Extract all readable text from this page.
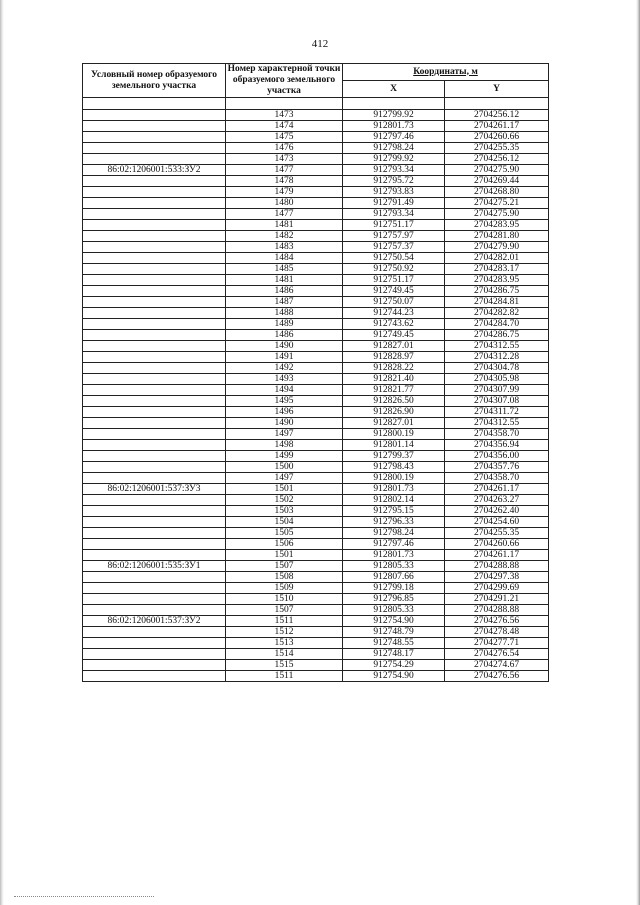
412
Условный номер образуемого земельного участка	Номер характерной точки образуемого земельного участка	Координаты, м	
		X	Y

	1473	912799.92	2704256.12
	1474	912801.73	2704261.17
	1475	912797.46	2704260.66
	1476	912798.24	2704255.35
	1473	912799.92	2704256.12
86:02:1206001:533:ЗУ2	1477	912793.34	2704275.90
	1478	912795.72	2704269.44
	1479	912793.83	2704268.80
	1480	912791.49	2704275.21
	1477	912793.34	2704275.90
	1481	912751.17	2704283.95
	1482	912757.97	2704281.80
	1483	912757.37	2704279.90
	1484	912750.54	2704282.01
	1485	912750.92	2704283.17
	1481	912751.17	2704283.95
	1486	912749.45	2704286.75
	1487	912750.07	2704284.81
	1488	912744.23	2704282.82
	1489	912743.62	2704284.70
	1486	912749.45	2704286.75
	1490	912827.01	2704312.55
	1491	912828.97	2704312.28
	1492	912828.22	2704304.78
	1493	912821.40	2704305.98
	1494	912821.77	2704307.99
	1495	912826.50	2704307.08
	1496	912826.90	2704311.72
	1490	912827.01	2704312.55
	1497	912800.19	2704358.70
	1498	912801.14	2704356.94
	1499	912799.37	2704356.00
	1500	912798.43	2704357.76
	1497	912800.19	2704358.70
86:02:1206001:537:ЗУ3	1501	912801.73	2704261.17
	1502	912802.14	2704263.27
	1503	912795.15	2704262.40
	1504	912796.33	2704254.60
	1505	912798.24	2704255.35
	1506	912797.46	2704260.66
	1501	912801.73	2704261.17
86:02:1206001:535:ЗУ1	1507	912805.33	2704288.88
	1508	912807.66	2704297.38
	1509	912799.18	2704299.69
	1510	912796.85	2704291.21
	1507	912805.33	2704288.88
86:02:1206001:537:ЗУ2	1511	912754.90	2704276.56
	1512	912748.79	2704278.48
	1513	912748.55	2704277.71
	1514	912748.17	2704276.54
	1515	912754.29	2704274.67
	1511	912754.90	2704276.56
